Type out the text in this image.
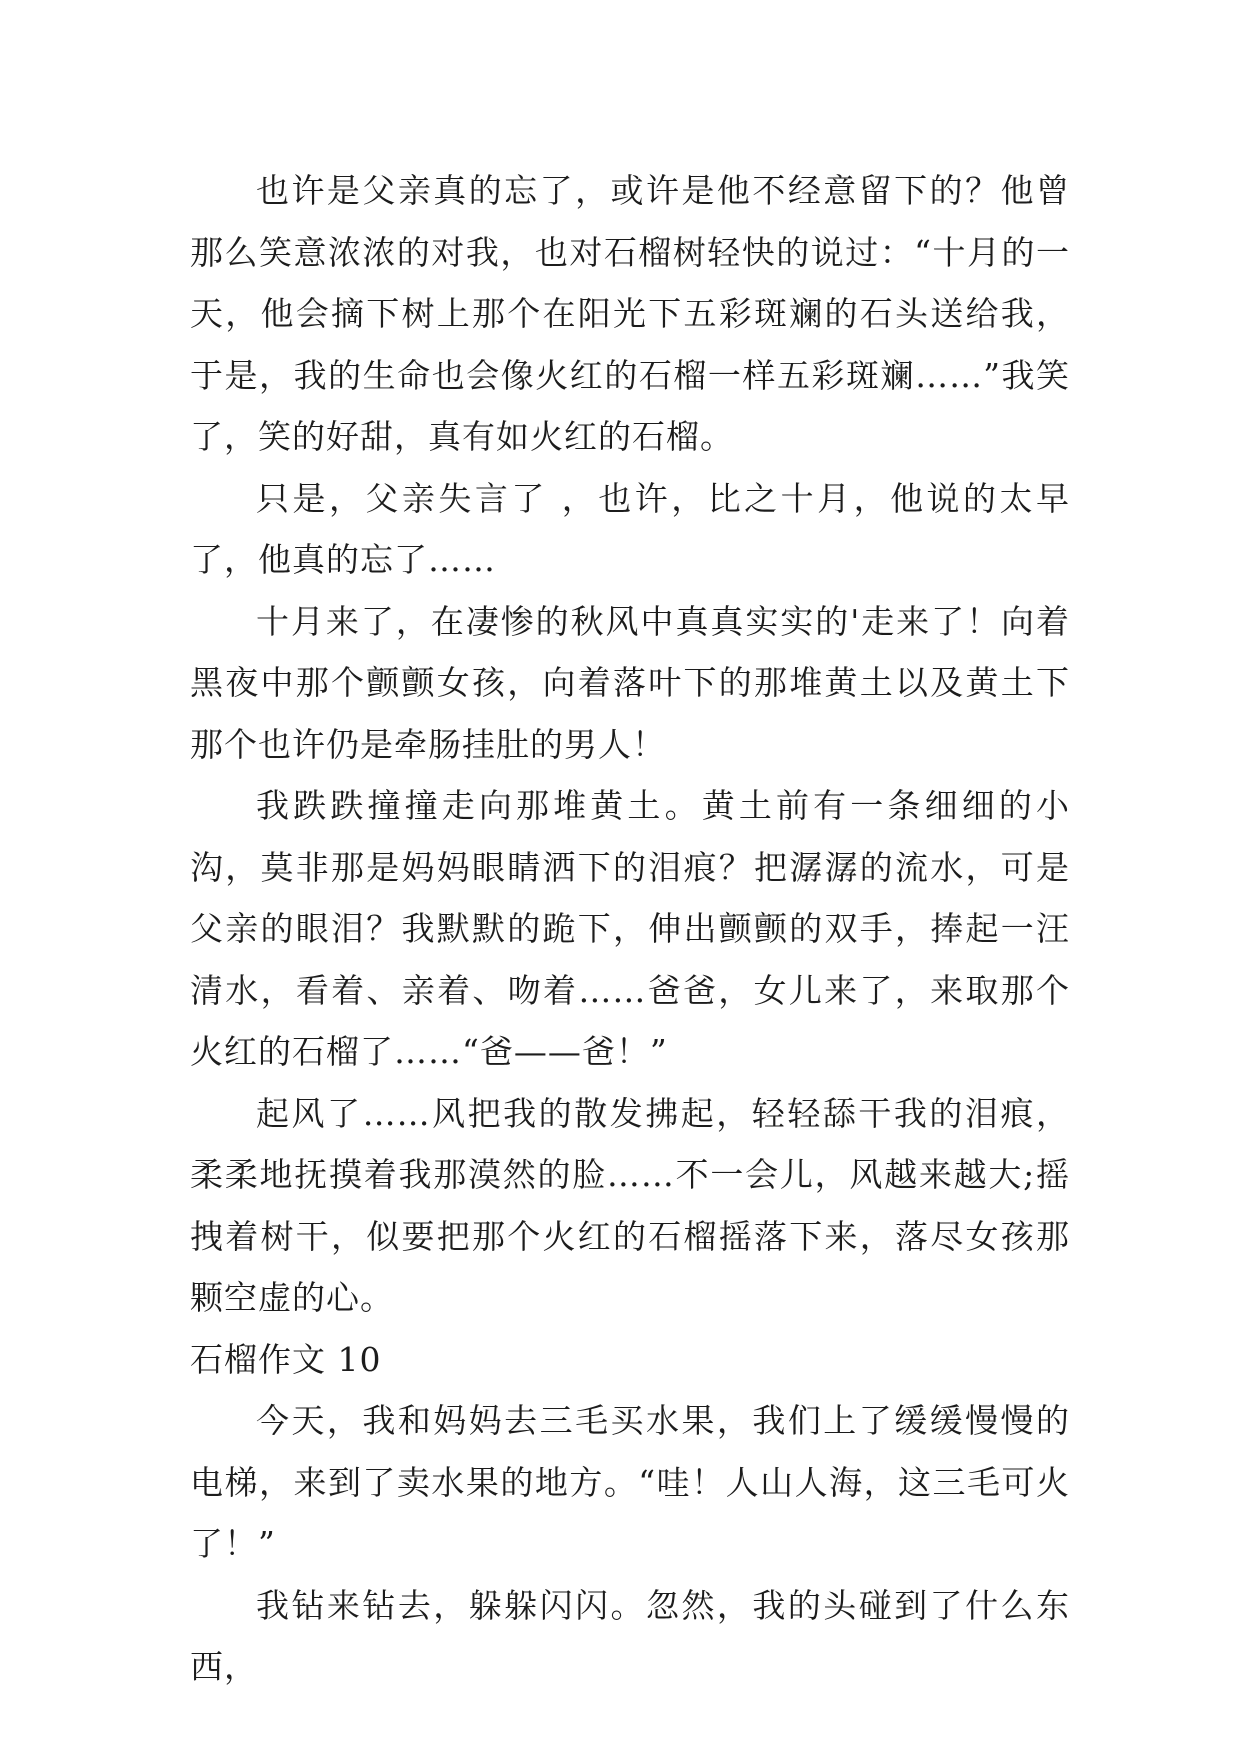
也许是父亲真的忘了，或许是他不经意留下的？他曾那么笑意浓浓的对我，也对石榴树轻快的说过：“十月的一天，他会摘下树上那个在阳光下五彩斑斓的石头送给我，于是，我的生命也会像火红的石榴一样五彩斑斓……”我笑了，笑的好甜，真有如火红的石榴。

只是，父亲失言了 ，也许，比之十月，他说的太早了，他真的忘了……

十月来了，在凄惨的秋风中真真实实的'走来了！向着黑夜中那个颤颤女孩，向着落叶下的那堆黄土以及黄土下那个也许仍是牵肠挂肚的男人！

我跌跌撞撞走向那堆黄土。黄土前有一条细细的小沟，莫非那是妈妈眼睛洒下的泪痕？把潺潺的流水，可是父亲的眼泪？我默默的跪下，伸出颤颤的双手，捧起一汪清水，看着、亲着、吻着……爸爸，女儿来了，来取那个火红的石榴了……“爸——爸！”

起风了……风把我的散发拂起，轻轻舔干我的泪痕，柔柔地抚摸着我那漠然的脸……不一会儿，风越来越大;摇拽着树干，似要把那个火红的石榴摇落下来，落尽女孩那颗空虚的心。

石榴作文 10

今天，我和妈妈去三毛买水果，我们上了缓缓慢慢的电梯，来到了卖水果的地方。“哇！人山人海，这三毛可火了！”

我钻来钻去，躲躲闪闪。忽然，我的头碰到了什么东西，
